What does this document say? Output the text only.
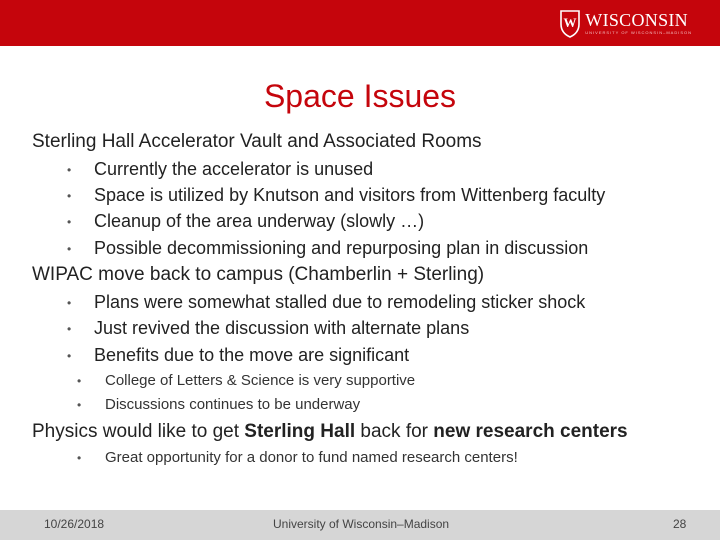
W WISCONSIN
UNIVERSITY OF WISCONSIN–MADISON
Space Issues
Sterling Hall Accelerator Vault and Associated Rooms
• Currently the accelerator is unused
• Space is utilized by Knutson and visitors from Wittenberg faculty
• Cleanup of the area underway (slowly …)
• Possible decommissioning and repurposing plan in discussion
WIPAC move back to campus (Chamberlin + Sterling)
• Plans were somewhat stalled due to remodeling sticker shock
• Just revived the discussion with alternate plans
• Benefits due to the move are significant
• College of Letters & Science is very supportive
• Discussions continues to be underway
Physics would like to get Sterling Hall back for new research centers
• Great opportunity for a donor to fund named research centers!
10/26/2018	University of Wisconsin–Madison	28
